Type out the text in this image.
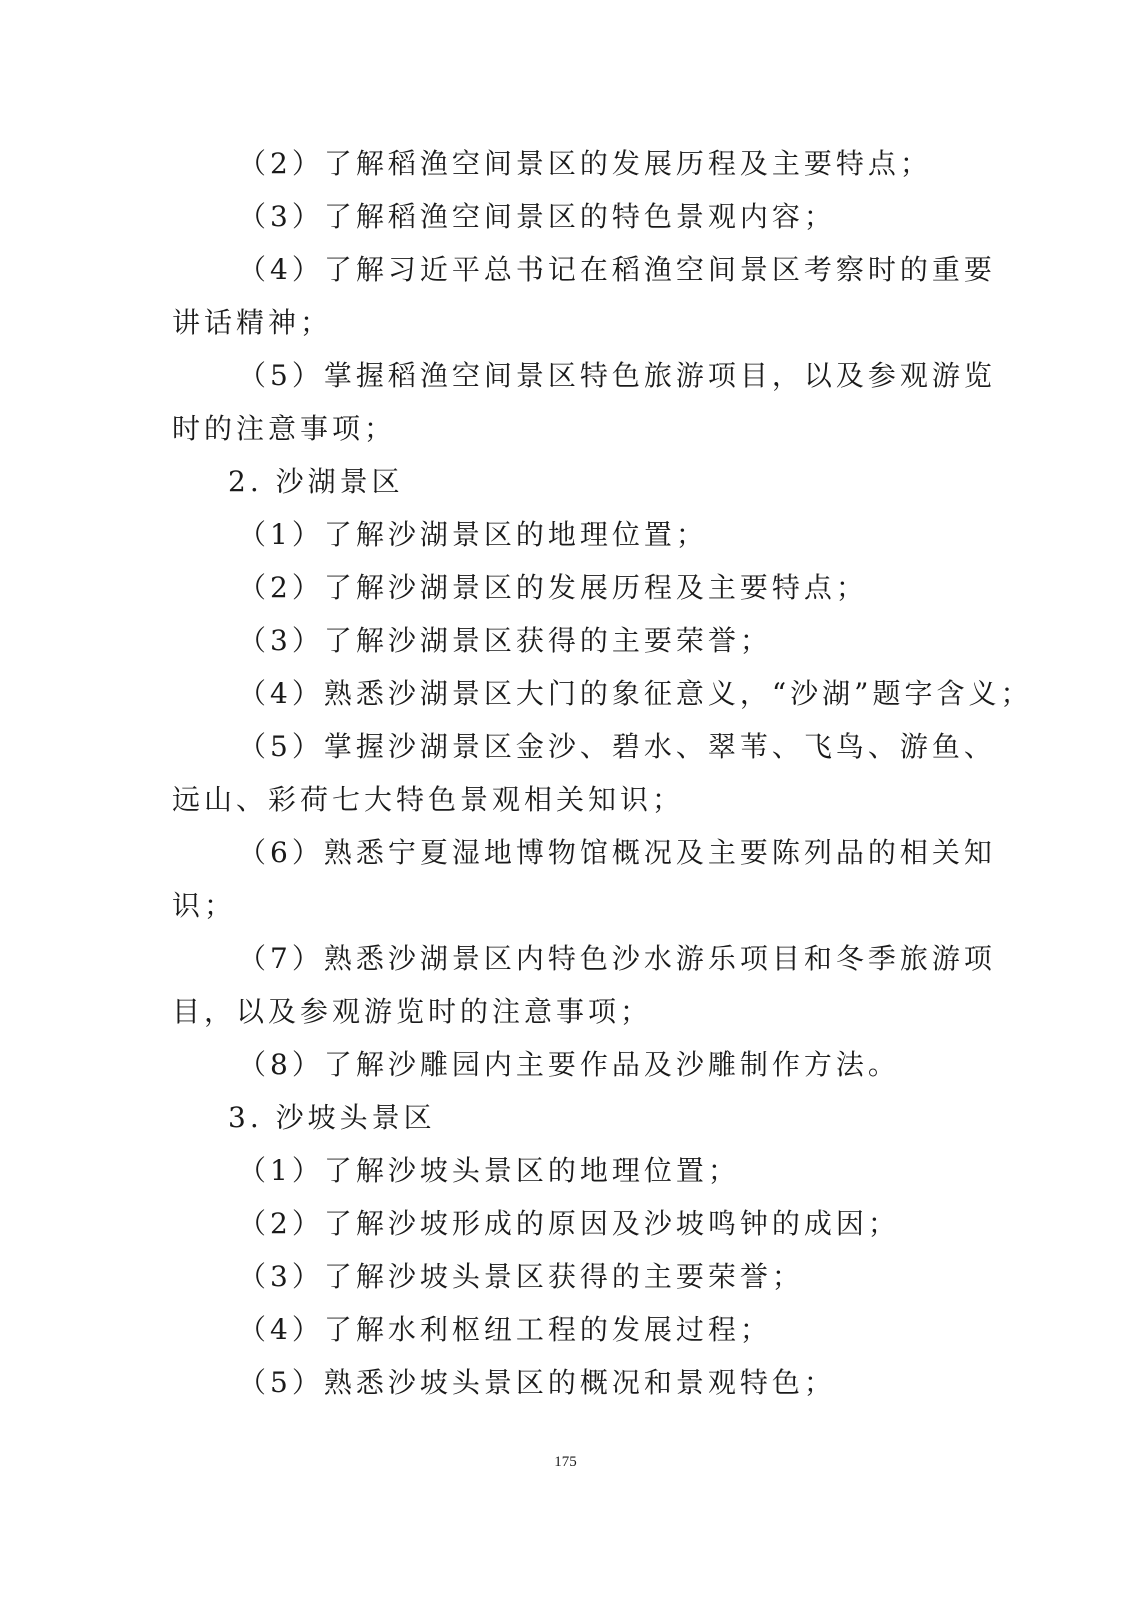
（2）了解稻渔空间景区的发展历程及主要特点；
（3）了解稻渔空间景区的特色景观内容；
（4）了解习近平总书记在稻渔空间景区考察时的重要
讲话精神；
（5）掌握稻渔空间景区特色旅游项目，以及参观游览
时的注意事项；
2. 沙湖景区
（1）了解沙湖景区的地理位置；
（2）了解沙湖景区的发展历程及主要特点；
（3）了解沙湖景区获得的主要荣誉；
（4）熟悉沙湖景区大门的象征意义，“沙湖”题字含义；
（5）掌握沙湖景区金沙、碧水、翠苇、飞鸟、游鱼、
远山、彩荷七大特色景观相关知识；
（6）熟悉宁夏湿地博物馆概况及主要陈列品的相关知
识；
（7）熟悉沙湖景区内特色沙水游乐项目和冬季旅游项
目，以及参观游览时的注意事项；
（8）了解沙雕园内主要作品及沙雕制作方法。
3. 沙坡头景区
（1）了解沙坡头景区的地理位置；
（2）了解沙坡形成的原因及沙坡鸣钟的成因；
（3）了解沙坡头景区获得的主要荣誉；
（4）了解水利枢纽工程的发展过程；
（5）熟悉沙坡头景区的概况和景观特色；
175
